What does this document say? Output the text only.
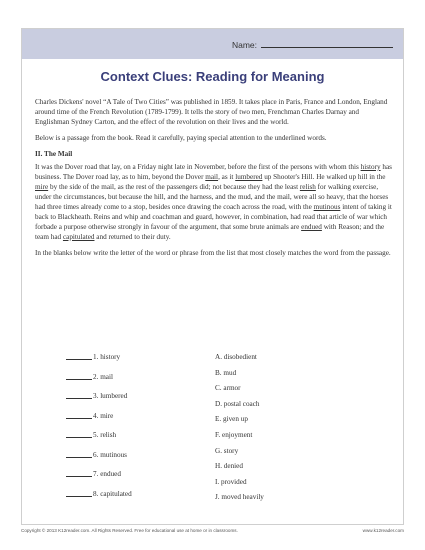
Name:
Context Clues: Reading for Meaning

Charles Dickens' novel “A Tale of Two Cities” was published in 1859. It takes place in Paris, France and London, England around time of the French Revolution (1789-1799). It tells the story of two men, Frenchman Charles Darnay and Englishman Sydney Carton, and the effect of the revolution on their lives and the world.

Below is a passage from the book. Read it carefully, paying special attention to the underlined words.

II. The Mail

It was the Dover road that lay, on a Friday night late in November, before the first of the persons with whom this history has business. The Dover road lay, as to him, beyond the Dover mail, as it lumbered up Shooter's Hill. He walked up hill in the mire by the side of the mail, as the rest of the passengers did; not because they had the least relish for walking exercise, under the circumstances, but because the hill, and the harness, and the mud, and the mail, were all so heavy, that the horses had three times already come to a stop, besides once drawing the coach across the road, with the mutinous intent of taking it back to Blackheath. Reins and whip and coachman and guard, however, in combination, had read that article of war which forbade a purpose otherwise strongly in favour of the argument, that some brute animals are endued with Reason; and the team had capitulated and returned to their duty.

In the blanks below write the letter of the word or phrase from the list that most closely matches the word from the passage.

1. history
2. mail
3. lumbered
4. mire
5. relish
6. mutinous
7. endued
8. capitulated
A. disobedient
B. mud
C. armor
D. postal coach
E. given up
F. enjoyment
G. story
H. denied
I. provided
J. moved heavily
Copyright © 2013 K12reader.com. All Rights Reserved. Free for educational use at home or in classrooms.	www.k12reader.com
